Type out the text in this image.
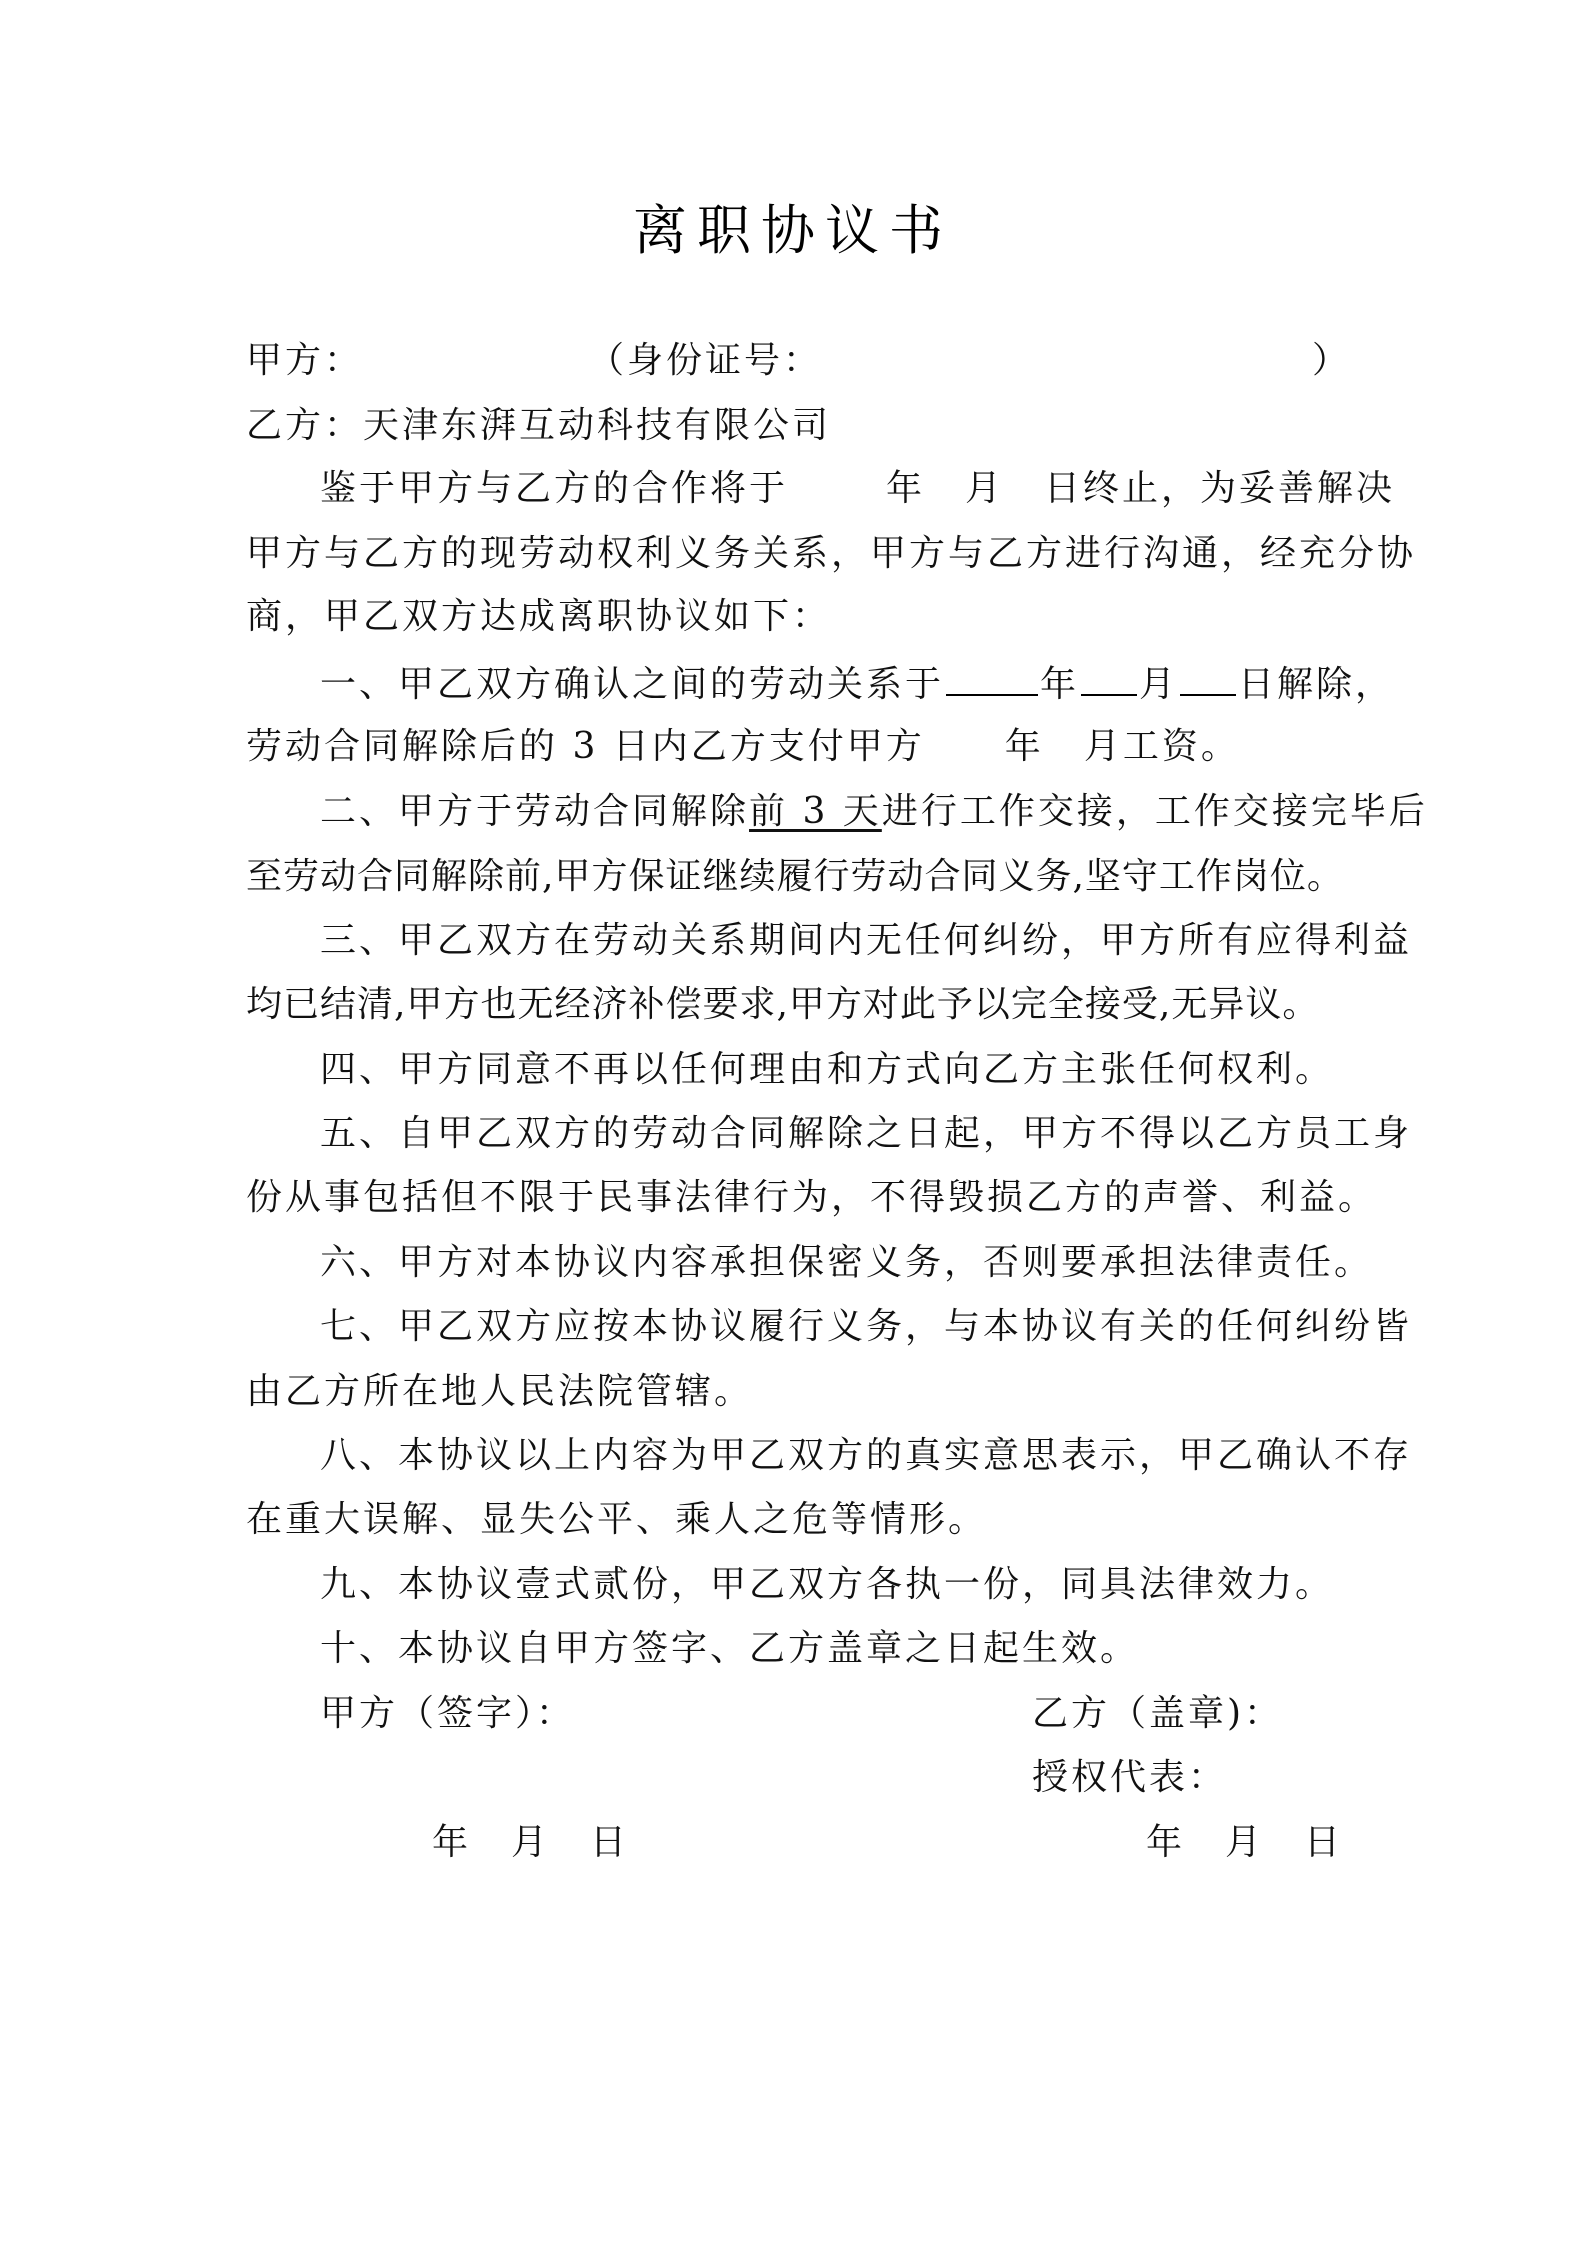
离职协议书
甲方：	（身份证号：	）
乙方：天津东湃互动科技有限公司
鉴于甲方与乙方的合作将于	年 月 日终止，为妥善解决
甲方与乙方的现劳动权利义务关系，甲方与乙方进行沟通，经充分协
商，甲乙双方达成离职协议如下：
一、甲乙双方确认之间的劳动关系于	年 月 日解除，
劳动合同解除后的 3 日内乙方支付甲方 年 月工资。
二、甲方于劳动合同解除前 3 天进行工作交接，工作交接完毕后
至劳动合同解除前,甲方保证继续履行劳动合同义务,坚守工作岗位。
三、甲乙双方在劳动关系期间内无任何纠纷，甲方所有应得利益
均已结清,甲方也无经济补偿要求,甲方对此予以完全接受,无异议。
四、甲方同意不再以任何理由和方式向乙方主张任何权利。
五、自甲乙双方的劳动合同解除之日起，甲方不得以乙方员工身
份从事包括但不限于民事法律行为，不得毁损乙方的声誉、利益。
六、甲方对本协议内容承担保密义务，否则要承担法律责任。
七、甲乙双方应按本协议履行义务，与本协议有关的任何纠纷皆
由乙方所在地人民法院管辖。
八、本协议以上内容为甲乙双方的真实意思表示，甲乙确认不存
在重大误解、显失公平、乘人之危等情形。
九、本协议壹式贰份，甲乙双方各执一份，同具法律效力。
十、本协议自甲方签字、乙方盖章之日起生效。
甲方（签字）：	乙方（盖章)：
授权代表：
年 月 日	年 月 日
